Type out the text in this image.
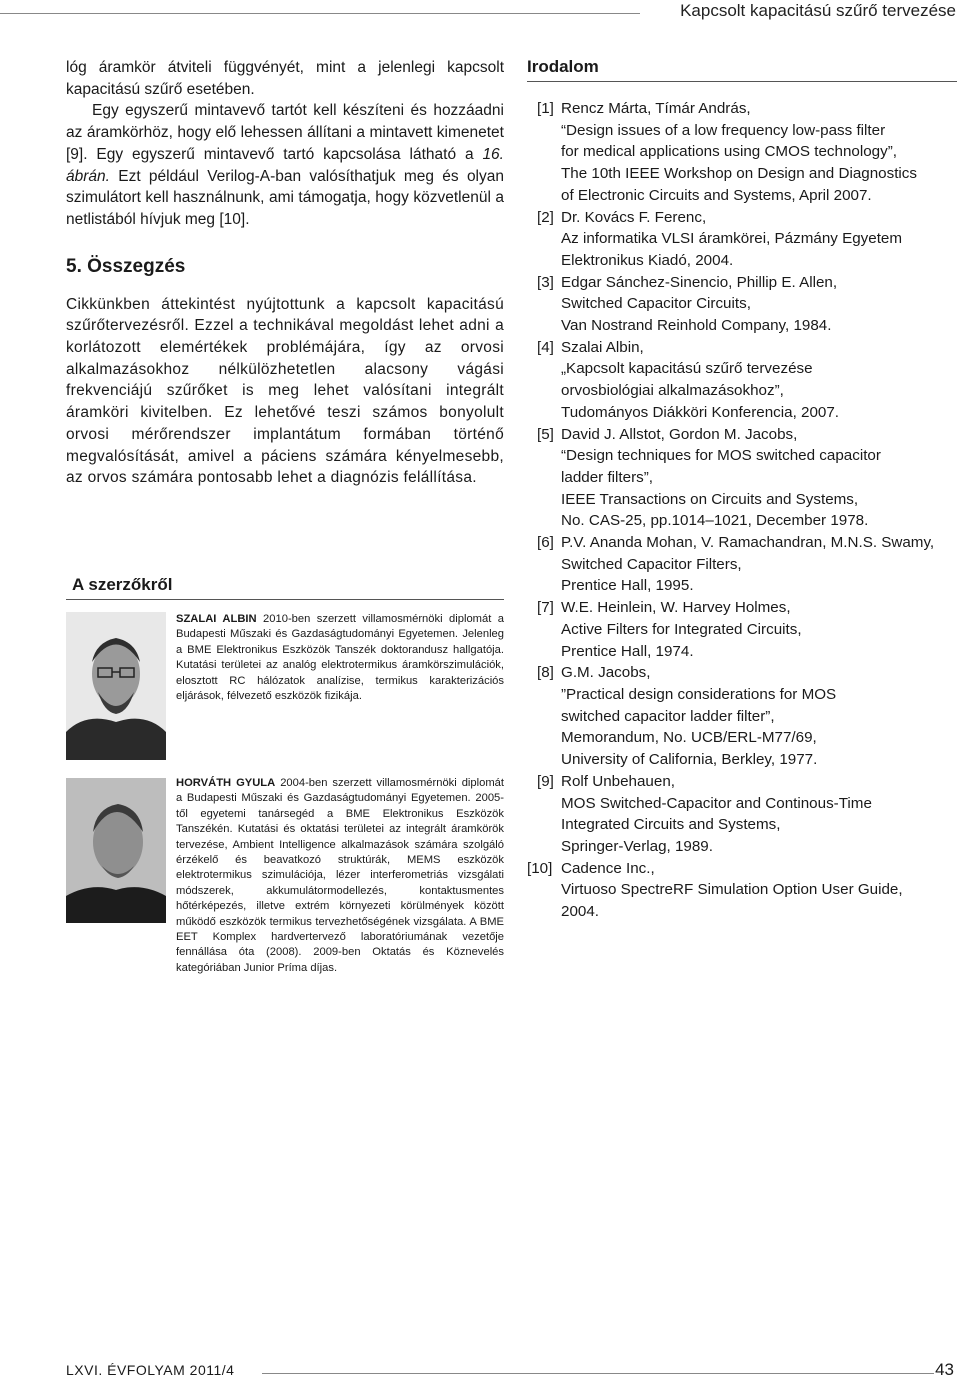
Kapcsolt kapacitású szűrő tervezése

lóg áramkör átviteli függvényét, mint a jelenlegi kapcsolt kapacitású szűrő esetében.
Egy egyszerű mintavevő tartót kell készíteni és hozzáadni az áramkörhöz, hogy elő lehessen állítani a mintavett kimenetet [9]. Egy egyszerű mintavevő tartó kapcsolása látható a 16. ábrán. Ezt például Verilog-A-ban valósíthatjuk meg és olyan szimulátort kell használnunk, ami támogatja, hogy közvetlenül a netlistából hívjuk meg [10].

5. Összegzés

Cikkünkben áttekintést nyújtottunk a kapcsolt kapacitású szűrőtervezésről. Ezzel a technikával megoldást lehet adni a korlátozott elemértékek problémájára, így az orvosi alkalmazásokhoz nélkülözhetetlen alacsony vágási frekvenciájú szűrőket is meg lehet valósítani integrált áramköri kivitelben. Ez lehetővé teszi számos bonyolult orvosi mérőrendszer implantátum formában történő megvalósítását, amivel a páciens számára kényelmesebb, az orvos számára pontosabb lehet a diagnózis felállítása.

A szerzőkről

SZALAI ALBIN 2010-ben szerzett villamosmérnöki diplomát a Budapesti Műszaki és Gazdaságtudományi Egyetemen. Jelenleg a BME Elektronikus Eszközök Tanszék doktorandusz hallgatója. Kutatási területei az analóg elektrotermikus áramkörszimulációk, elosztott RC hálózatok analízise, termikus karakterizációs eljárások, félvezető eszközök fizikája.

HORVÁTH GYULA 2004-ben szerzett villamosmérnöki diplomát a Budapesti Műszaki és Gazdaságtudományi Egyetemen. 2005-től egyetemi tanársegéd a BME Elektronikus Eszközök Tanszékén. Kutatási és oktatási területei az integrált áramkörök tervezése, Ambient Intelligence alkalmazások számára szolgáló érzékelő és beavatkozó struktúrák, MEMS eszközök elektrotermikus szimulációja, lézer interferometriás vizsgálati módszerek, akkumulátormodellezés, kontaktusmentes hőtérképezés, illetve extrém környezeti körülmények között működő eszközök termikus tervezhetőségének vizsgálata. A BME EET Komplex hardvertervező laboratóriumának vezetője fennállása óta (2008). 2009-ben Oktatás és Köznevelés kategóriában Junior Príma díjas.

Irodalom
[1] Rencz Márta, Tímár András,
“Design issues of a low frequency low-pass filter
for medical applications using CMOS technology”,
The 10th IEEE Workshop on Design and Diagnostics
of Electronic Circuits and Systems, April 2007.
[2] Dr. Kovács F. Ferenc,
Az informatika VLSI áramkörei, Pázmány Egyetem
Elektronikus Kiadó, 2004.
[3] Edgar Sánchez-Sinencio, Phillip E. Allen,
Switched Capacitor Circuits,
Van Nostrand Reinhold Company, 1984.
[4] Szalai Albin,
„Kapcsolt kapacitású szűrő tervezése
orvosbiológiai alkalmazásokhoz”,
Tudományos Diákköri Konferencia, 2007.
[5] David J. Allstot, Gordon M. Jacobs,
“Design techniques for MOS switched capacitor
ladder filters”,
IEEE Transactions on Circuits and Systems,
No. CAS-25, pp.1014–1021, December 1978.
[6] P.V. Ananda Mohan, V. Ramachandran, M.N.S. Swamy,
Switched Capacitor Filters,
Prentice Hall, 1995.
[7] W.E. Heinlein, W. Harvey Holmes,
Active Filters for Integrated Circuits,
Prentice Hall, 1974.
[8] G.M. Jacobs,
”Practical design considerations for MOS
switched capacitor ladder filter”,
Memorandum, No. UCB/ERL-M77/69,
University of California, Berkley, 1977.
[9] Rolf Unbehauen,
MOS Switched-Capacitor and Continous-Time
Integrated Circuits and Systems,
Springer-Verlag, 1989.
[10] Cadence Inc.,
Virtuoso SpectreRF Simulation Option User Guide,
2004.
LXVI. ÉVFOLYAM 2011/4	43
